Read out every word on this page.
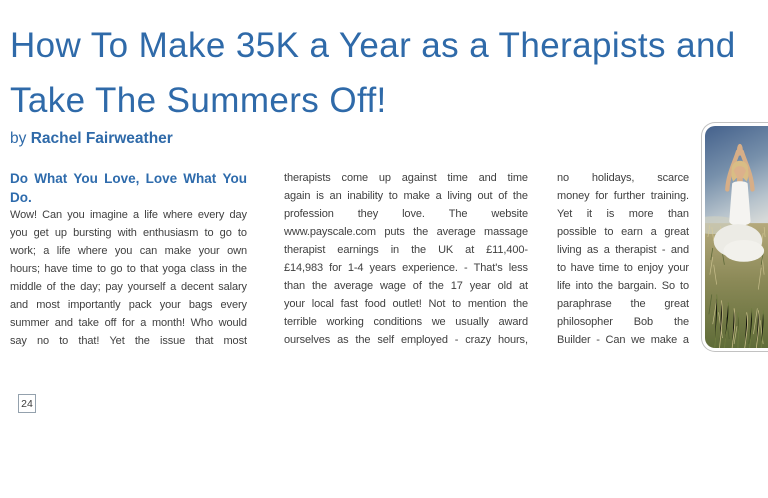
How To Make 35K a Year as a Therapists and
Take The Summers Off!
by Rachel Fairweather
Do What You Love, Love What You
Do.
Wow! Can you imagine a life where every day
you get up bursting with enthusiasm to go to
work; a life where you can make your own
hours; have time to go to that yoga class in the
middle of the day; pay yourself a decent salary
and most importantly pack your bags every
summer and take off for a month! Who would
say no to that! Yet the issue that most
therapists come up against time and time
again is an inability to make a living out of the
profession they love. The website
www.payscale.com puts the average massage
therapist earnings in the UK at £11,400-
£14,983 for 1-4 years experience. - That's less
than the average wage of the 17 year old at
your local fast food outlet! Not to mention the
terrible working conditions we usually award
ourselves as the self employed - crazy hours,
no holidays, scarce
money for further training.
Yet it is more than
possible to earn a great
living as a therapist - and
to have time to enjoy your
life into the bargain. So to
paraphrase the great
philosopher Bob the
Builder - Can we make a
24
